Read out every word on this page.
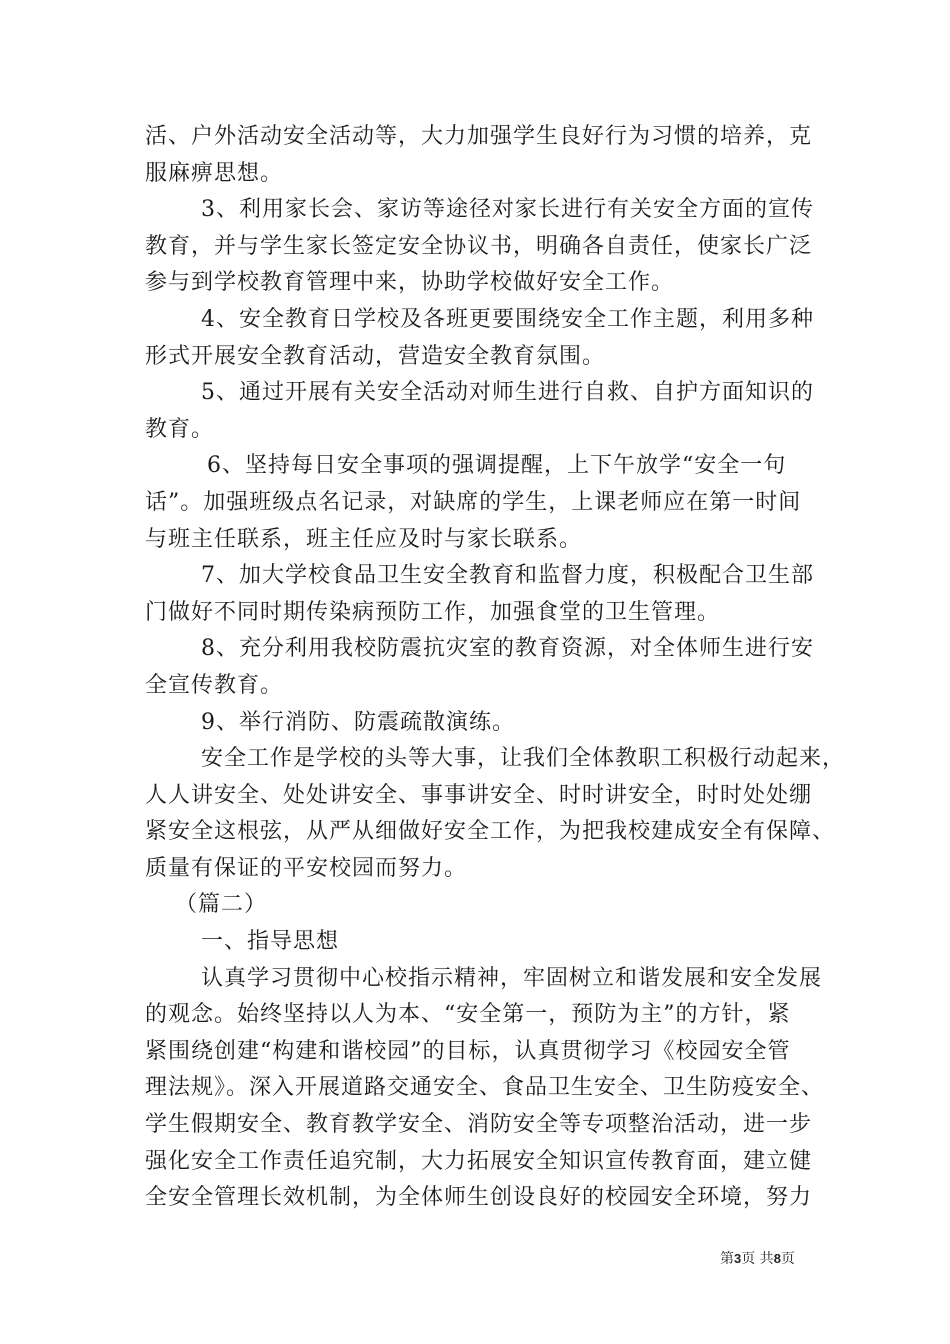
活、户外活动安全活动等，大力加强学生良好行为习惯的培养，克
服麻痹思想。
3、利用家长会、家访等途径对家长进行有关安全方面的宣传
教育，并与学生家长签定安全协议书，明确各自责任，使家长广泛
参与到学校教育管理中来，协助学校做好安全工作。
4、安全教育日学校及各班更要围绕安全工作主题，利用多种
形式开展安全教育活动，营造安全教育氛围。
5、通过开展有关安全活动对师生进行自救、自护方面知识的
教育。
6、坚持每日安全事项的强调提醒，上下午放学“安全一句
话”。加强班级点名记录，对缺席的学生，上课老师应在第一时间
与班主任联系，班主任应及时与家长联系。
7、加大学校食品卫生安全教育和监督力度，积极配合卫生部
门做好不同时期传染病预防工作，加强食堂的卫生管理。
8、充分利用我校防震抗灾室的教育资源，对全体师生进行安
全宣传教育。
9、举行消防、防震疏散演练。
安全工作是学校的头等大事，让我们全体教职工积极行动起来，
人人讲安全、处处讲安全、事事讲安全、时时讲安全，时时处处绷
紧安全这根弦，从严从细做好安全工作，为把我校建成安全有保障、
质量有保证的平安校园而努力。
（篇二）
一、指导思想
认真学习贯彻中心校指示精神，牢固树立和谐发展和安全发展
的观念。始终坚持以人为本、“安全第一，预防为主”的方针，紧
紧围绕创建“构建和谐校园”的目标，认真贯彻学习《校园安全管
理法规》。深入开展道路交通安全、食品卫生安全、卫生防疫安全、
学生假期安全、教育教学安全、消防安全等专项整治活动，进一步
强化安全工作责任追究制，大力拓展安全知识宣传教育面，建立健
全安全管理长效机制，为全体师生创设良好的校园安全环境，努力
第3页 共8页
